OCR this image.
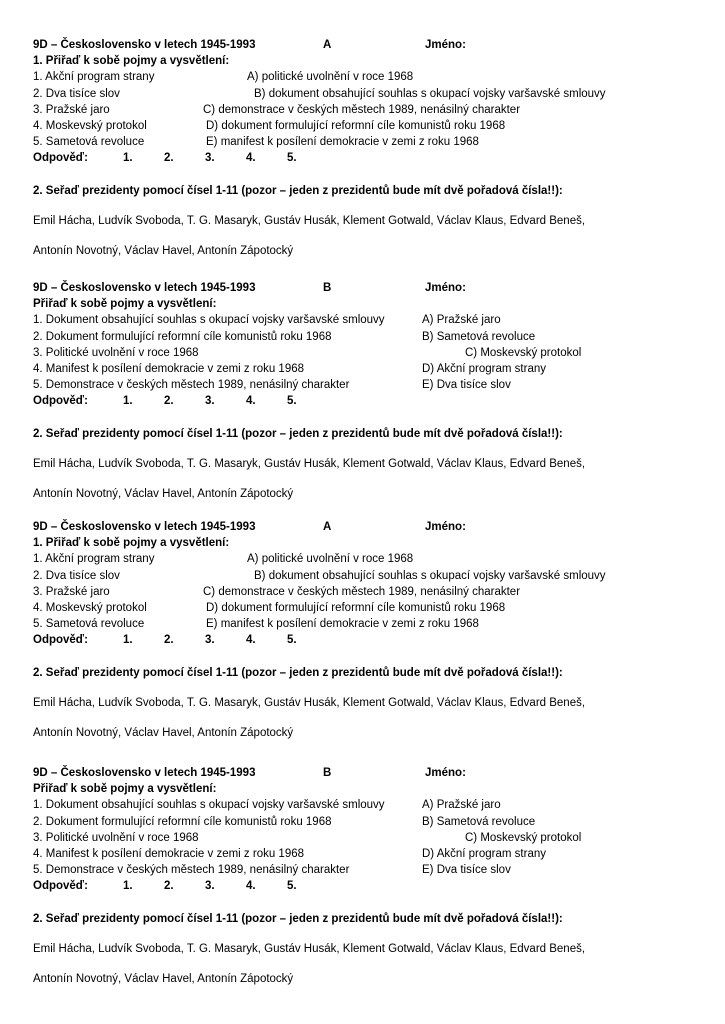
9D – Československo v letech 1945-1993	A	Jméno:
1. Přiřaď k sobě pojmy a vysvětlení:
1. Akční program strany	A) politické uvolnění v roce 1968
2. Dva tisíce slov	B) dokument obsahující souhlas s okupací vojsky varšavské smlouvy
3. Pražské jaro	C) demonstrace v českých městech 1989, nenásilný charakter
4. Moskevský protokol	D) dokument formulující reformní cíle komunistů roku 1968
5. Sametová revoluce	E) manifest k posílení demokracie v zemi z roku 1968
Odpověď:	1.	2.	3.	4.	5.
2. Seřaď prezidenty pomocí čísel 1-11 (pozor – jeden z prezidentů bude mít dvě pořadová čísla!!):
Emil Hácha, Ludvík Svoboda, T. G. Masaryk, Gustáv Husák, Klement Gotwald, Václav Klaus, Edvard Beneš,
Antonín Novotný, Václav Havel, Antonín Zápotocký
9D – Československo v letech 1945-1993	B	Jméno:
Přiřaď k sobě pojmy a vysvětlení:
1. Dokument obsahující souhlas s okupací vojsky varšavské smlouvy	A) Pražské jaro
2. Dokument formulující reformní cíle komunistů roku 1968	B) Sametová revoluce
3. Politické uvolnění v roce 1968	C) Moskevský protokol
4. Manifest k posílení demokracie v zemi z roku 1968	D) Akční program strany
5. Demonstrace v českých městech 1989, nenásilný charakter	E) Dva tisíce slov
Odpověď:	1.	2.	3.	4.	5.
2. Seřaď prezidenty pomocí čísel 1-11 (pozor – jeden z prezidentů bude mít dvě pořadová čísla!!):
Emil Hácha, Ludvík Svoboda, T. G. Masaryk, Gustáv Husák, Klement Gotwald, Václav Klaus, Edvard Beneš,
Antonín Novotný, Václav Havel, Antonín Zápotocký
9D – Československo v letech 1945-1993	A	Jméno:
1. Přiřaď k sobě pojmy a vysvětlení:
1. Akční program strany	A) politické uvolnění v roce 1968
2. Dva tisíce slov	B) dokument obsahující souhlas s okupací vojsky varšavské smlouvy
3. Pražské jaro	C) demonstrace v českých městech 1989, nenásilný charakter
4. Moskevský protokol	D) dokument formulující reformní cíle komunistů roku 1968
5. Sametová revoluce	E) manifest k posílení demokracie v zemi z roku 1968
Odpověď:	1.	2.	3.	4.	5.
2. Seřaď prezidenty pomocí čísel 1-11 (pozor – jeden z prezidentů bude mít dvě pořadová čísla!!):
Emil Hácha, Ludvík Svoboda, T. G. Masaryk, Gustáv Husák, Klement Gotwald, Václav Klaus, Edvard Beneš,
Antonín Novotný, Václav Havel, Antonín Zápotocký
9D – Československo v letech 1945-1993	B	Jméno:
Přiřaď k sobě pojmy a vysvětlení:
1. Dokument obsahující souhlas s okupací vojsky varšavské smlouvy	A) Pražské jaro
2. Dokument formulující reformní cíle komunistů roku 1968	B) Sametová revoluce
3. Politické uvolnění v roce 1968	C) Moskevský protokol
4. Manifest k posílení demokracie v zemi z roku 1968	D) Akční program strany
5. Demonstrace v českých městech 1989, nenásilný charakter	E) Dva tisíce slov
Odpověď:	1.	2.	3.	4.	5.
2. Seřaď prezidenty pomocí čísel 1-11 (pozor – jeden z prezidentů bude mít dvě pořadová čísla!!):
Emil Hácha, Ludvík Svoboda, T. G. Masaryk, Gustáv Husák, Klement Gotwald, Václav Klaus, Edvard Beneš,
Antonín Novotný, Václav Havel, Antonín Zápotocký
